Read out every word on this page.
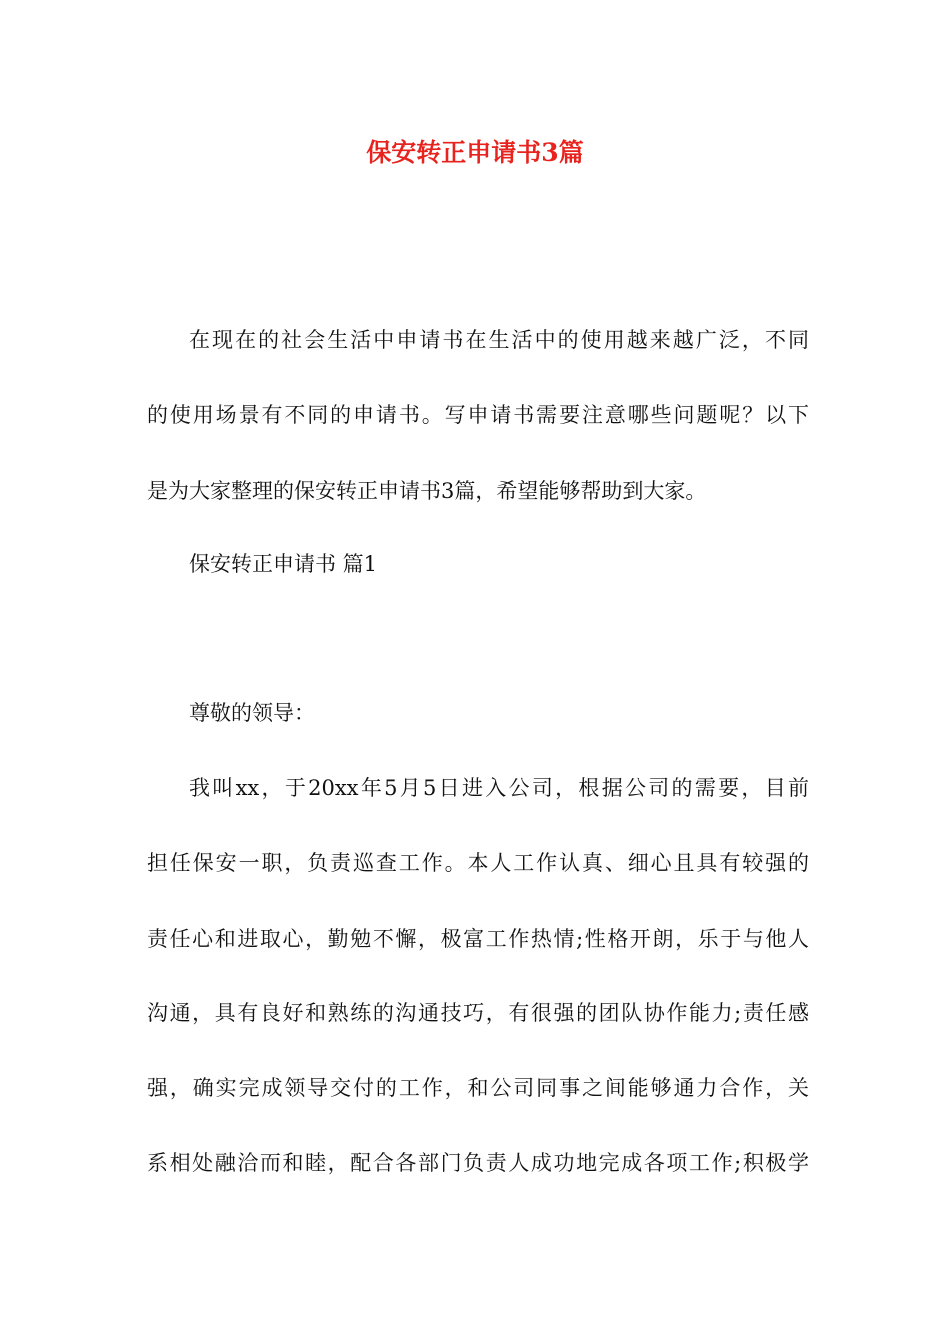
保安转正申请书3篇

在现在的社会生活中申请书在生活中的使用越来越广泛，不同

的使用场景有不同的申请书。写申请书需要注意哪些问题呢？以下

是为大家整理的保安转正申请书3篇，希望能够帮助到大家。

保安转正申请书 篇1

尊敬的领导：

我叫xx，于20xx年5月5日进入公司，根据公司的需要，目前

担任保安一职，负责巡查工作。本人工作认真、细心且具有较强的

责任心和进取心，勤勉不懈，极富工作热情;性格开朗，乐于与他人

沟通，具有良好和熟练的沟通技巧，有很强的团队协作能力;责任感

强，确实完成领导交付的工作，和公司同事之间能够通力合作，关

系相处融洽而和睦，配合各部门负责人成功地完成各项工作;积极学
